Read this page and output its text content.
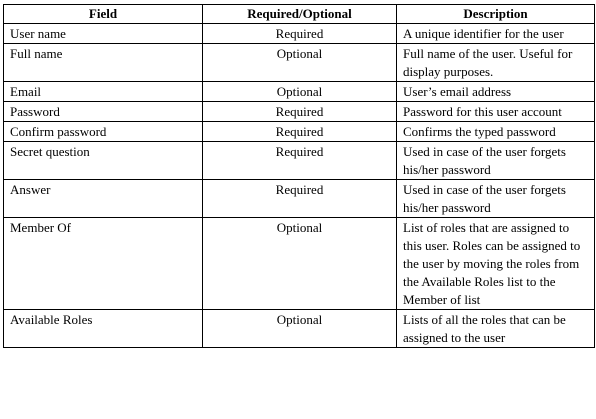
Field	Required/Optional	Description
User name	Required	A unique identifier for the user
Full name	Optional	Full name of the user. Useful for display purposes.
Email	Optional	User’s email address
Password	Required	Password for this user account
Confirm password	Required	Confirms the typed password
Secret question	Required	Used in case of the user forgets his/her password
Answer	Required	Used in case of the user forgets his/her password
Member Of	Optional	List of roles that are assigned to this user. Roles can be assigned to the user by moving the roles from the Available Roles list to the Member of list
Available Roles	Optional	Lists of all the roles that can be assigned to the user
